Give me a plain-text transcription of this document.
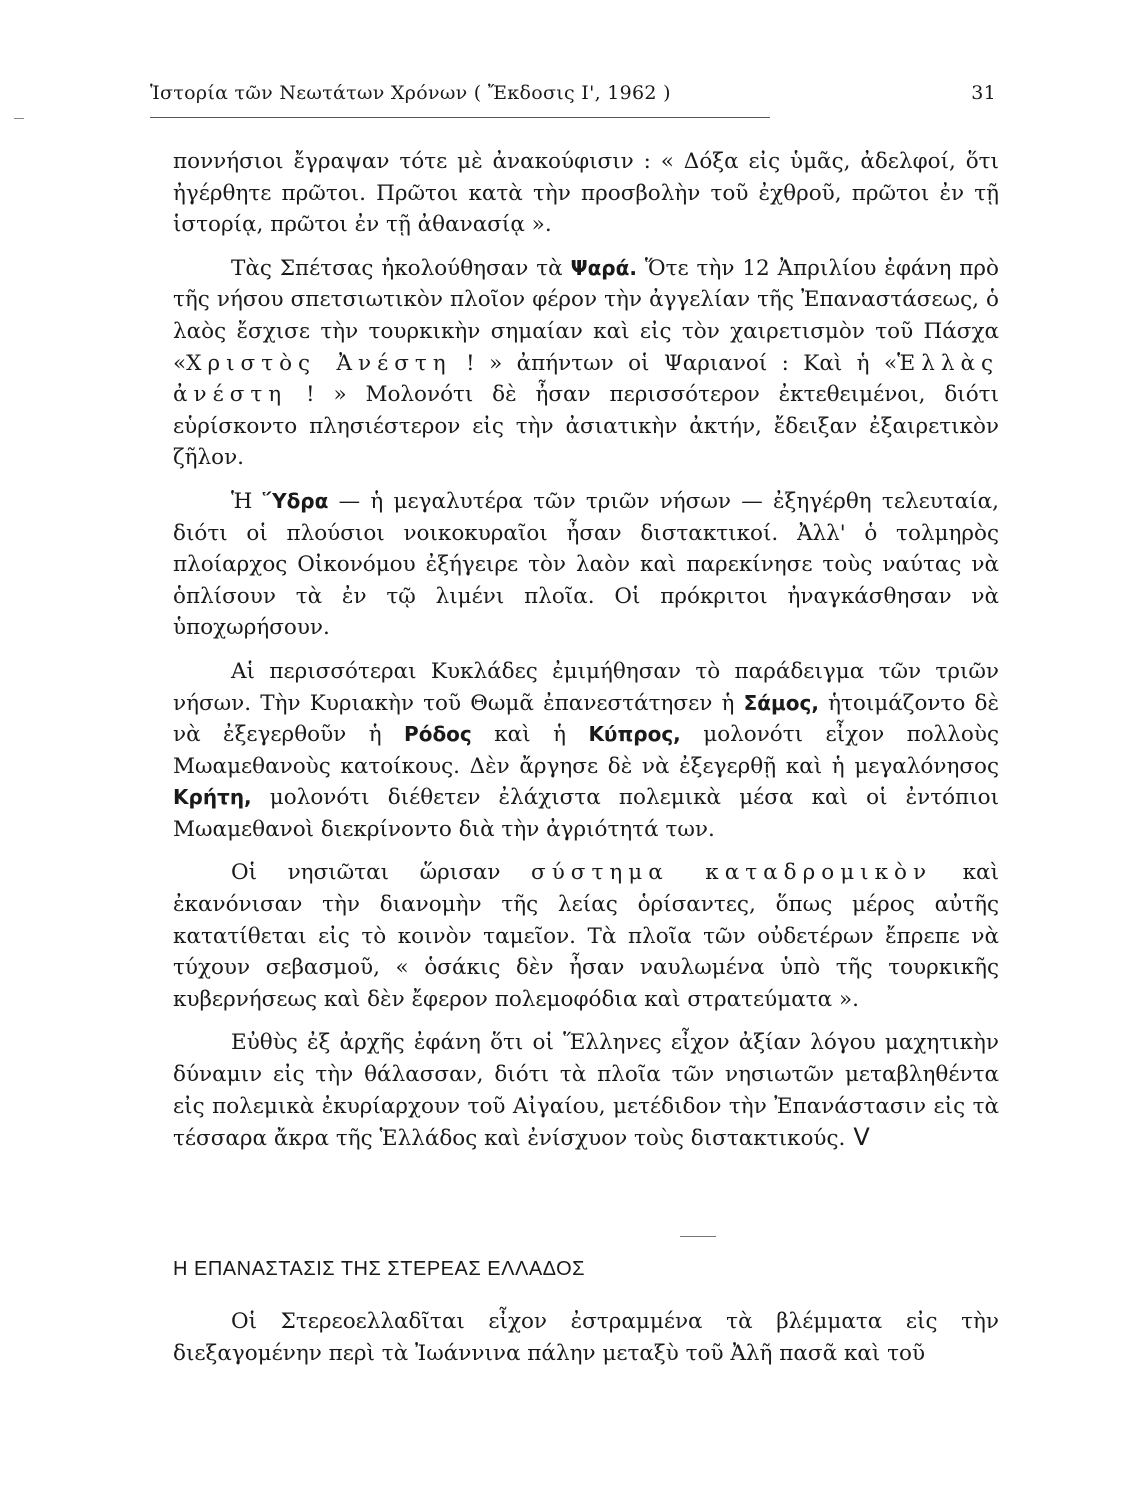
Ἱστορία τῶν Νεωτάτων Χρόνων ( Ἔκδοσις Ι', 1962 )	31

ποννήσιοι ἔγραψαν τότε μὲ ἀνακούφισιν : « Δόξα εἰς ὑμᾶς, ἀδελφοί, ὅτι ἠγέρθητε πρῶτοι. Πρῶτοι κατὰ τὴν προσβολὴν τοῦ ἐχθροῦ, πρῶτοι ἐν τῇ ἱστορίᾳ, πρῶτοι ἐν τῇ ἀθανασίᾳ ».

Τὰς Σπέτσας ἠκολούθησαν τὰ Ψαρά. Ὅτε τὴν 12 Ἀπριλίου ἐφάνη πρὸ τῆς νήσου σπετσιωτικὸν πλοῖον φέρον τὴν ἀγγελίαν τῆς Ἐπαναστάσεως, ὁ λαὸς ἔσχισε τὴν τουρκικὴν σημαίαν καὶ εἰς τὸν χαιρετισμὸν τοῦ Πάσχα «Χριστὸς Ἀνέστη ! » ἀπήντων οἱ Ψαριανοί : Καὶ ἡ «Ἑλλὰς ἀνέστη ! » Μολονότι δὲ ἦσαν περισσότερον ἐκτεθειμένοι, διότι εὑρίσκοντο πλησιέστερον εἰς τὴν ἀσιατικὴν ἀκτήν, ἔδειξαν ἐξαιρετικὸν ζῆλον.

Ἡ Ὕδρα — ἡ μεγαλυτέρα τῶν τριῶν νήσων — ἐξηγέρθη τελευταία, διότι οἱ πλούσιοι νοικοκυραῖοι ἦσαν διστακτικοί. Ἀλλ' ὁ τολμηρὸς πλοίαρχος Οἰκονόμου ἐξήγειρε τὸν λαὸν καὶ παρεκίνησε τοὺς ναύτας νὰ ὁπλίσουν τὰ ἐν τῷ λιμένι πλοῖα. Οἱ πρόκριτοι ἠναγκάσθησαν νὰ ὑποχωρήσουν.

Αἱ περισσότεραι Κυκλάδες ἐμιμήθησαν τὸ παράδειγμα τῶν τριῶν νήσων. Τὴν Κυριακὴν τοῦ Θωμᾶ ἐπανεστάτησεν ἡ Σάμος, ἡτοιμάζοντο δὲ νὰ ἐξεγερθοῦν ἡ Ρόδος καὶ ἡ Κύπρος, μολονότι εἶχον πολλοὺς Μωαμεθανοὺς κατοίκους. Δὲν ἄργησε δὲ νὰ ἐξεγερθῇ καὶ ἡ μεγαλόνησος Κρήτη, μολονότι διέθετεν ἐλάχιστα πολεμικὰ μέσα καὶ οἱ ἐντόπιοι Μωαμεθανοὶ διεκρίνοντο διὰ τὴν ἀγριότητά των.

Οἱ νησιῶται ὥρισαν σύστημα καταδρομικὸν καὶ ἐκανόνισαν τὴν διανομὴν τῆς λείας ὁρίσαντες, ὅπως μέρος αὐτῆς κατατίθεται εἰς τὸ κοινὸν ταμεῖον. Τὰ πλοῖα τῶν οὐδετέρων ἔπρεπε νὰ τύχουν σεβασμοῦ, « ὁσάκις δὲν ἦσαν ναυλωμένα ὑπὸ τῆς τουρκικῆς κυβερνήσεως καὶ δὲν ἔφερον πολεμοφόδια καὶ στρατεύματα ».

Εὐθὺς ἐξ ἀρχῆς ἐφάνη ὅτι οἱ Ἕλληνες εἶχον ἀξίαν λόγου μαχητικὴν δύναμιν εἰς τὴν θάλασσαν, διότι τὰ πλοῖα τῶν νησιωτῶν μεταβληθέντα εἰς πολεμικὰ ἐκυρίαρχουν τοῦ Αἰγαίου, μετέδιδον τὴν Ἐπανάστασιν εἰς τὰ τέσσαρα ἄκρα τῆς Ἑλλάδος καὶ ἐνίσχυον τοὺς διστακτικούς. V

Η ΕΠΑΝΑΣΤΑΣΙΣ ΤΗΣ ΣΤΕΡΕΑΣ ΕΛΛΑΔΟΣ

Οἱ Στερεοελλαδῖται εἶχον ἐστραμμένα τὰ βλέμματα εἰς τὴν διεξαγομένην περὶ τὰ Ἰωάννινα πάλην μεταξὺ τοῦ Ἀλῆ πασᾶ καὶ τοῦ
